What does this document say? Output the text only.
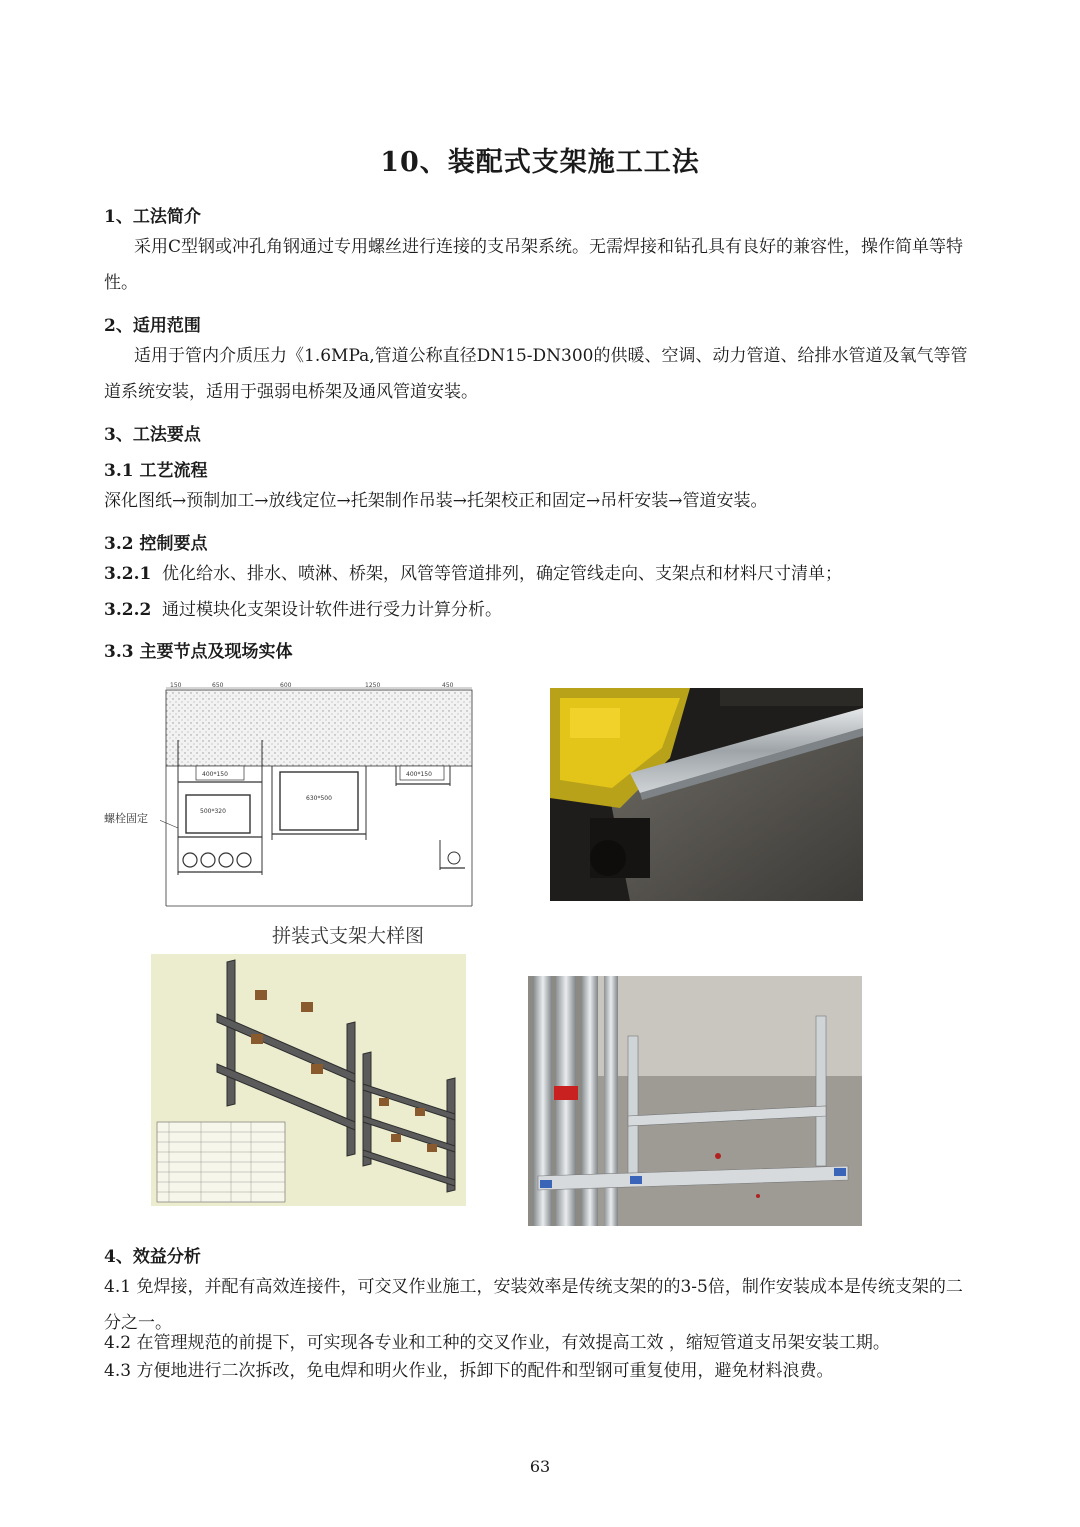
10、装配式支架施工工法
1、工法简介
采用C型钢或冲孔角钢通过专用螺丝进行连接的支吊架系统。无需焊接和钻孔具有良好的兼容性，操作简单等特性。
2、适用范围
适用于管内介质压力《1.6MPa,管道公称直径DN15-DN300的供暖、空调、动力管道、给排水管道及氧气等管道系统安装，适用于强弱电桥架及通风管道安装。
3、工法要点
3.1 工艺流程
深化图纸→预制加工→放线定位→托架制作吊装→托架校正和固定→吊杆安装→管道安装。
3.2 控制要点
3.2.1 优化给水、排水、喷淋、桥架，风管等管道排列，确定管线走向、支架点和材料尺寸清单；
3.2.2 通过模块化支架设计软件进行受力计算分析。
3.3 主要节点及现场实体
150	650	600	1250	450
400*150
500*320
630*500
400*150
拼装式支架大样图
螺栓固定
4、效益分析
4.1 免焊接，并配有高效连接件，可交叉作业施工，安装效率是传统支架的的3-5倍，制作安装成本是传统支架的二分之一。
4.2 在管理规范的前提下，可实现各专业和工种的交叉作业，有效提高工效 ，缩短管道支吊架安装工期。
4.3 方便地进行二次拆改，免电焊和明火作业，拆卸下的配件和型钢可重复使用，避免材料浪费。
63
